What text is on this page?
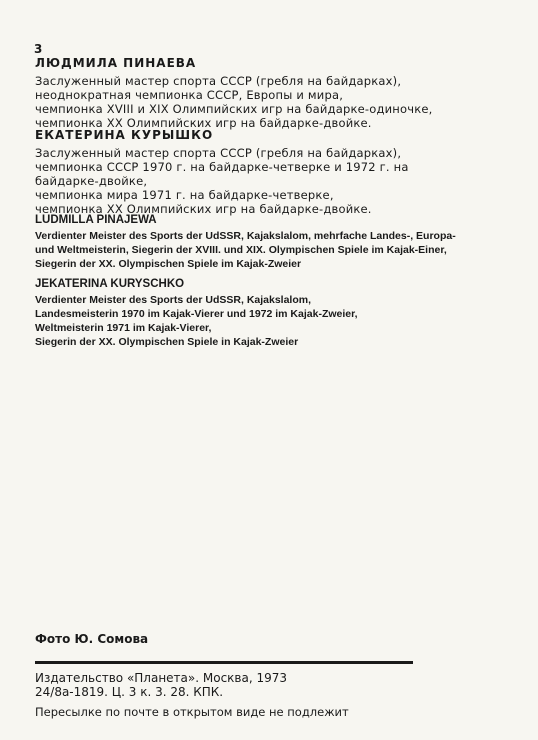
3
ЛЮДМИЛА ПИНАЕВА
Заслуженный мастер спорта СССР (гребля на байдарках),
неоднократная чемпионка СССР, Европы и мира,
чемпионка XVIII и XIX Олимпийских игр на байдарке-одиночке,
чемпионка XX Олимпийских игр на байдарке-двойке.
ЕКАТЕРИНА КУРЫШКО
Заслуженный мастер спорта СССР (гребля на байдарках),
чемпионка СССР 1970 г. на байдарке-четверке и 1972 г. на
байдарке-двойке,
чемпионка мира 1971 г. на байдарке-четверке,
чемпионка XX Олимпийских игр на байдарке-двойке.
LUDMILLA PINAJEWA
Verdienter Meister des Sports der UdSSR, Kajakslalom, mehrfache Landes-, Europa-
und Weltmeisterin, Siegerin der XVIII. und XIX. Olympischen Spiele im Kajak-Einer,
Siegerin der XX. Olympischen Spiele im Kajak-Zweier
JEKATERINA KURYSCHKO
Verdienter Meister des Sports der UdSSR, Kajakslalom,
Landesmeisterin 1970 im Kajak-Vierer und 1972 im Kajak-Zweier,
Weltmeisterin 1971 im Kajak-Vierer,
Siegerin der XX. Olympischen Spiele in Kajak-Zweier
Фото Ю. Сомова
Издательство «Планета». Москва, 1973
24/8а-1819. Ц. 3 к. 3. 28. КПК.
Пересылке по почте в открытом виде не подлежит
